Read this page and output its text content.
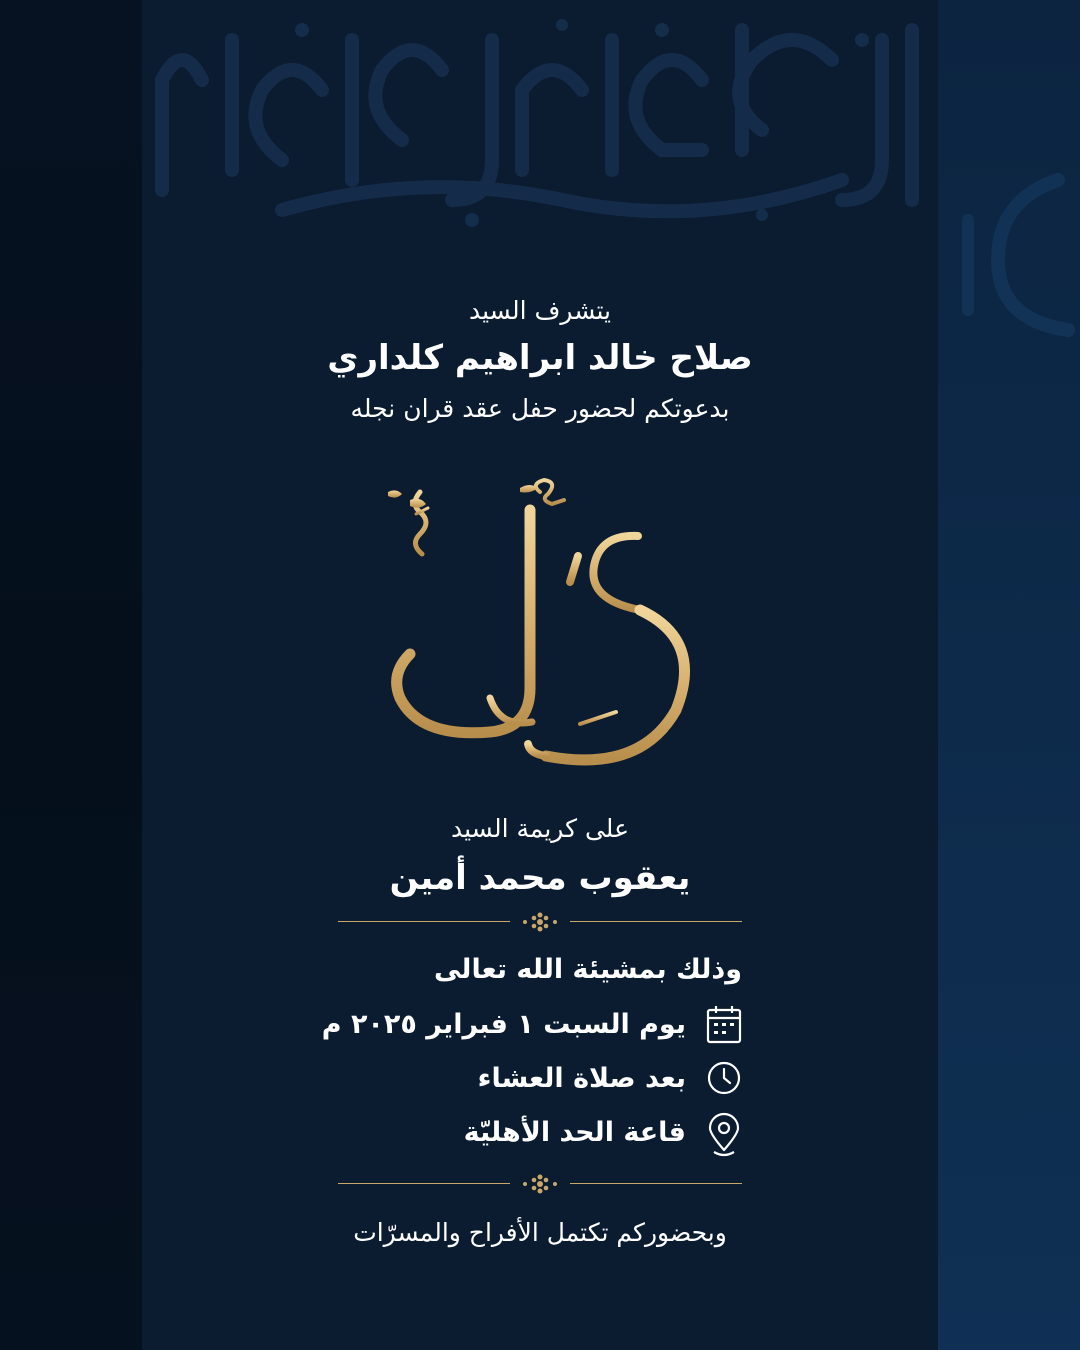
يتشرف السيد
صلاح خالد ابراهيم كلداري
بدعوتكم لحضور حفل عقد قران نجله
على كريمة السيد
يعقوب محمد أمين
وذلك بمشيئة الله تعالى
يوم السبت ١ فبراير ٢٠٢٥ م
بعد صلاة العشاء
قاعة الحد الأهليّة
وبحضوركم تكتمل الأفراح والمسرّات
